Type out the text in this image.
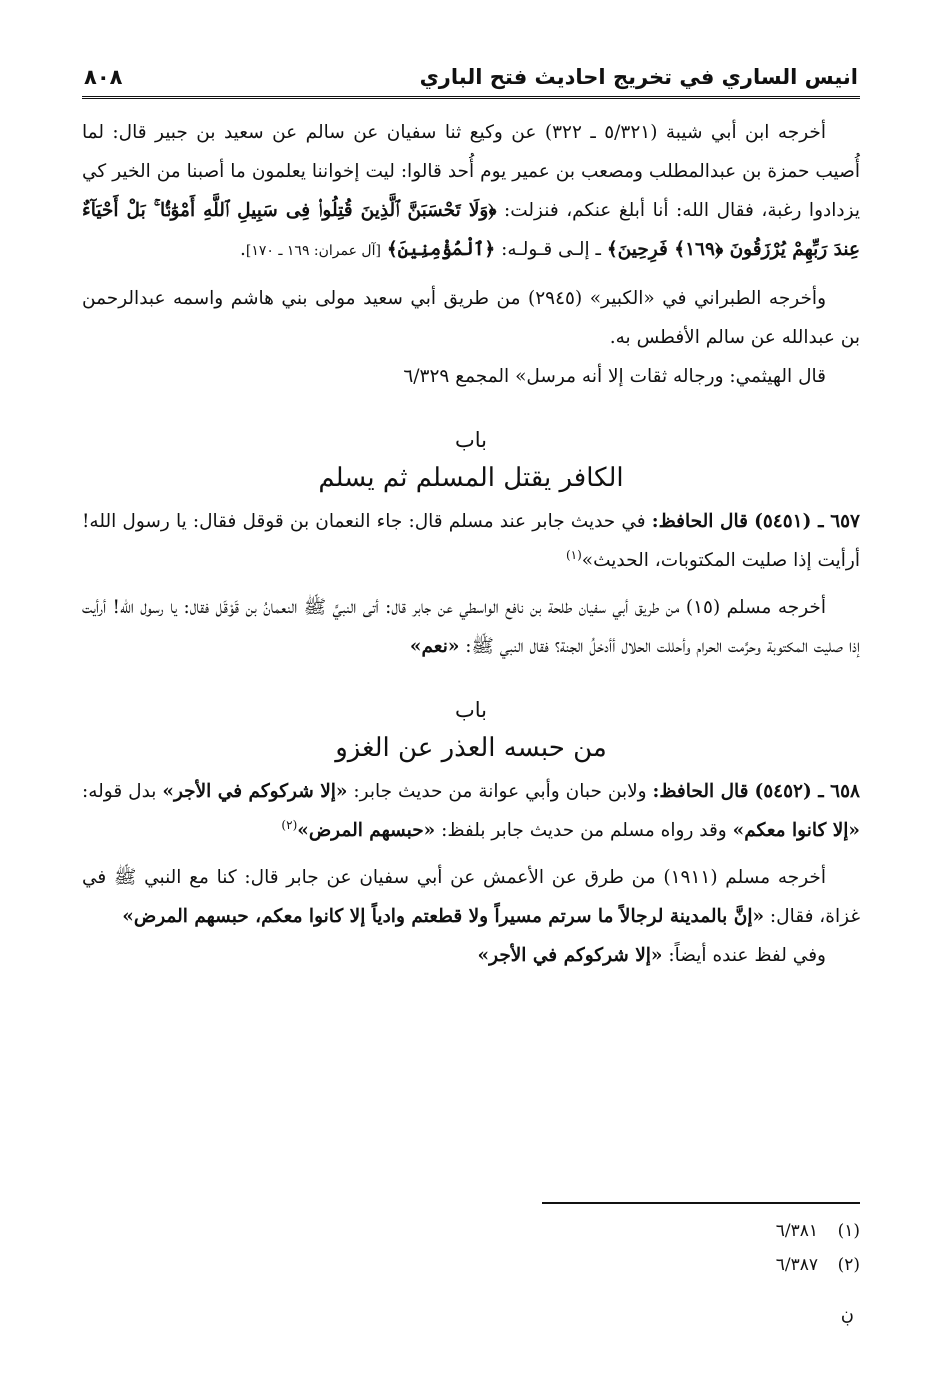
انيس الساري في تخريج احاديث فتح الباري
٨٠٨

أخرجه ابن أبي شيبة (٥/٣٢١ ـ ٣٢٢) عن وكيع ثنا سفيان عن سالم عن سعيد بن جبير قال: لما أُصيب حمزة بن عبدالمطلب ومصعب بن عمير يوم أُحد قالوا: ليت إخواننا يعلمون ما أصبنا من الخير كي يزدادوا رغبة، فقال الله: أنا أبلغ عنكم، فنزلت: ﴿وَلَا تَحْسَبَنَّ ٱلَّذِينَ قُتِلُوا۟ فِى سَبِيلِ ٱللَّهِ أَمْوَٰتًۢا ۚ بَلْ أَحْيَآءٌ عِندَ رَبِّهِمْ يُرْزَقُونَ ﴿١٦٩﴾ فَرِحِينَ﴾ ـ إلـى قـولـه: ﴿ٱلْمُؤْمِنِينَ﴾ [آل عمران: ١٦٩ ـ ١٧٠].

وأخرجه الطبراني في «الكبير» (٢٩٤٥) من طريق أبي سعيد مولى بني هاشم واسمه عبدالرحمن بن عبدالله عن سالم الأفطس به.

قال الهيثمي: ورجاله ثقات إلا أنه مرسل» المجمع ٦/٣٢٩

باب
الكافر يقتل المسلم ثم يسلم

٦٥٧ ـ (٥٤٥١) قال الحافظ: في حديث جابر عند مسلم قال: جاء النعمان بن قوقل فقال: يا رسول الله! أرأيت إذا صليت المكتوبات، الحديث»$^{(١)}$

أخرجه مسلم (١٥) من طريق أبي سفيان طلحة بن نافع الواسطي عن جابر قال: أتى النبيَّ ﷺ النعمانُ بن قَوْقَل فقال: يا رسول الله! أرأيت إذا صليت المكتوبة وحرَّمت الحرام وأحللت الحلال أأدخلُ الجنة؟ فقال النبي ﷺ: «نعم»

باب
من حبسه العذر عن الغزو

٦٥٨ ـ (٥٤٥٢) قال الحافظ: ولابن حبان وأبي عوانة من حديث جابر: «إلا شركوكم في الأجر» بدل قوله: «إلا كانوا معكم» وقد رواه مسلم من حديث جابر بلفظ: «حبسهم المرض»$^{(٢)}$

أخرجه مسلم (١٩١١) من طرق عن الأعمش عن أبي سفيان عن جابر قال: كنا مع النبي ﷺ في غزاة، فقال: «إنَّ بالمدينة لرجالاً ما سرتم مسيراً ولا قطعتم وادياً إلا كانوا معكم، حبسهم المرض»

وفي لفظ عنده أيضاً: «إلا شركوكم في الأجر»

(١)٦/٣٨١
(٢)٦/٣٨٧
ڹ
